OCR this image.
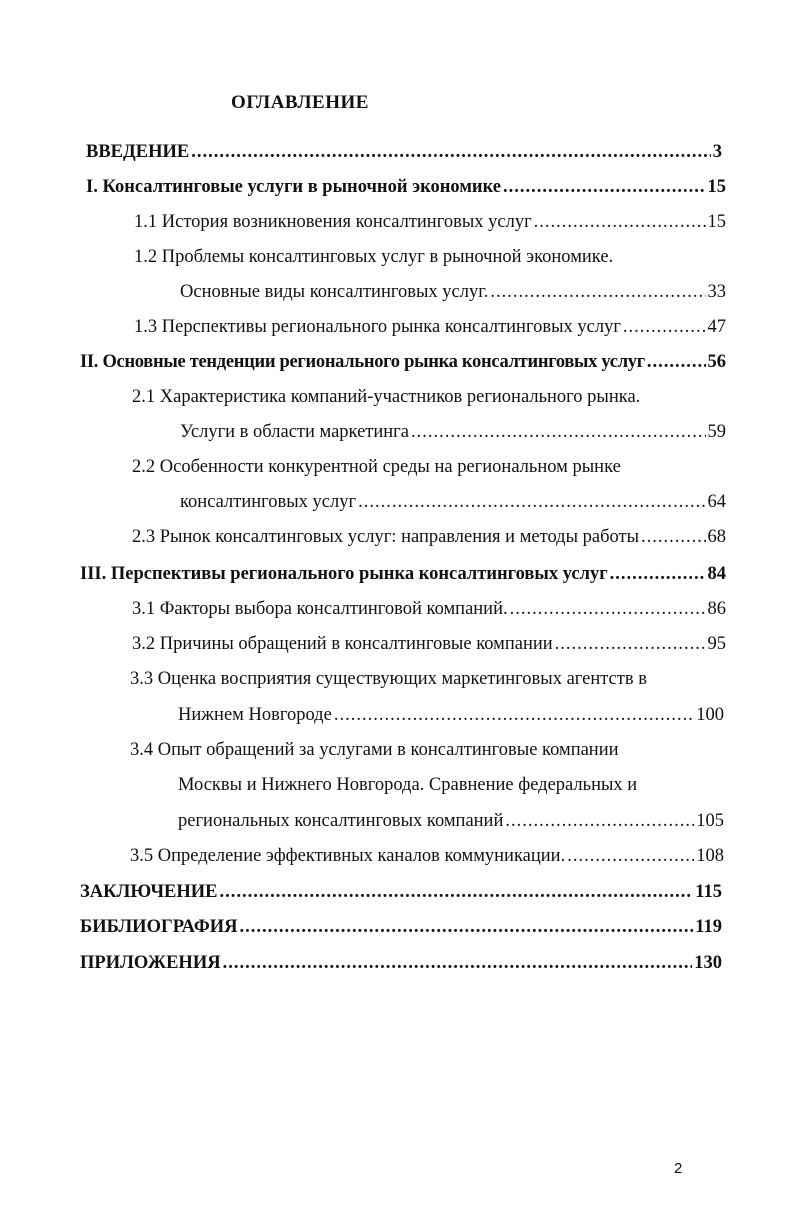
ОГЛАВЛЕНИЕ
ВВЕДЕНИЕ .....	3
I. Консалтинговые услуги в рыночной экономике .....	15
1.1 История возникновения консалтинговых услуг .....	15
1.2 Проблемы консалтинговых услуг в рыночной экономике.
Основные виды консалтинговых услуг. .....	33
1.3 Перспективы регионального рынка консалтинговых услуг .....	47
II. Основные тенденции регионального рынка консалтинговых услуг .....	56
2.1 Характеристика компаний-участников регионального рынка.
Услуги в области маркетинга .....	59
2.2 Особенности конкурентной среды на региональном рынке
консалтинговых услуг .....	64
2.3 Рынок консалтинговых услуг: направления и методы работы .....	68
III. Перспективы регионального рынка консалтинговых услуг .....	84
3.1 Факторы выбора консалтинговой компаний. .....	86
3.2 Причины обращений в консалтинговые компании .....	95
3.3 Оценка восприятия существующих маркетинговых агентств в
Нижнем Новгороде .....	100
3.4 Опыт обращений за услугами в консалтинговые компании
Москвы и Нижнего Новгорода. Сравнение федеральных и
региональных консалтинговых компаний .....	105
3.5 Определение эффективных каналов коммуникации. .....	108
ЗАКЛЮЧЕНИЕ .....	115
БИБЛИОГРАФИЯ .....	119
ПРИЛОЖЕНИЯ .....	130
2
